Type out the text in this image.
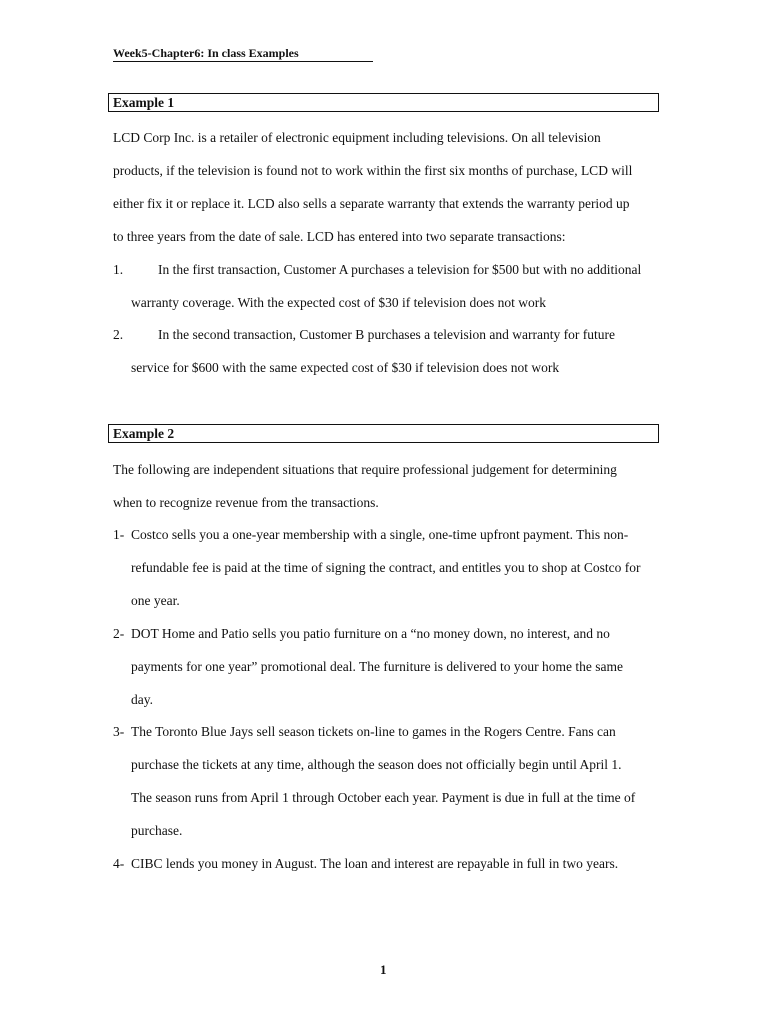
Week5-Chapter6: In class Examples
Example 1
LCD Corp Inc. is a retailer of electronic equipment including televisions. On all television
products, if the television is found not to work within the first six months of purchase, LCD will
either fix it or replace it. LCD also sells a separate warranty that extends the warranty period up
to three years from the date of sale. LCD has entered into two separate transactions:
1.	In the first transaction, Customer A purchases a television for $500 but with no additional
warranty coverage. With the expected cost of $30 if television does not work
2.	In the second transaction, Customer B purchases a television and warranty for future
service for $600 with the same expected cost of $30 if television does not work
Example 2
The following are independent situations that require professional judgement for determining
when to recognize revenue from the transactions.
1- Costco sells you a one-year membership with a single, one-time upfront payment. This non-
refundable fee is paid at the time of signing the contract, and entitles you to shop at Costco for
one year.
2- DOT Home and Patio sells you patio furniture on a “no money down, no interest, and no
payments for one year” promotional deal. The furniture is delivered to your home the same
day.
3- The Toronto Blue Jays sell season tickets on-line to games in the Rogers Centre. Fans can
purchase the tickets at any time, although the season does not officially begin until April 1.
The season runs from April 1 through October each year. Payment is due in full at the time of
purchase.
4- CIBC lends you money in August. The loan and interest are repayable in full in two years.
1
